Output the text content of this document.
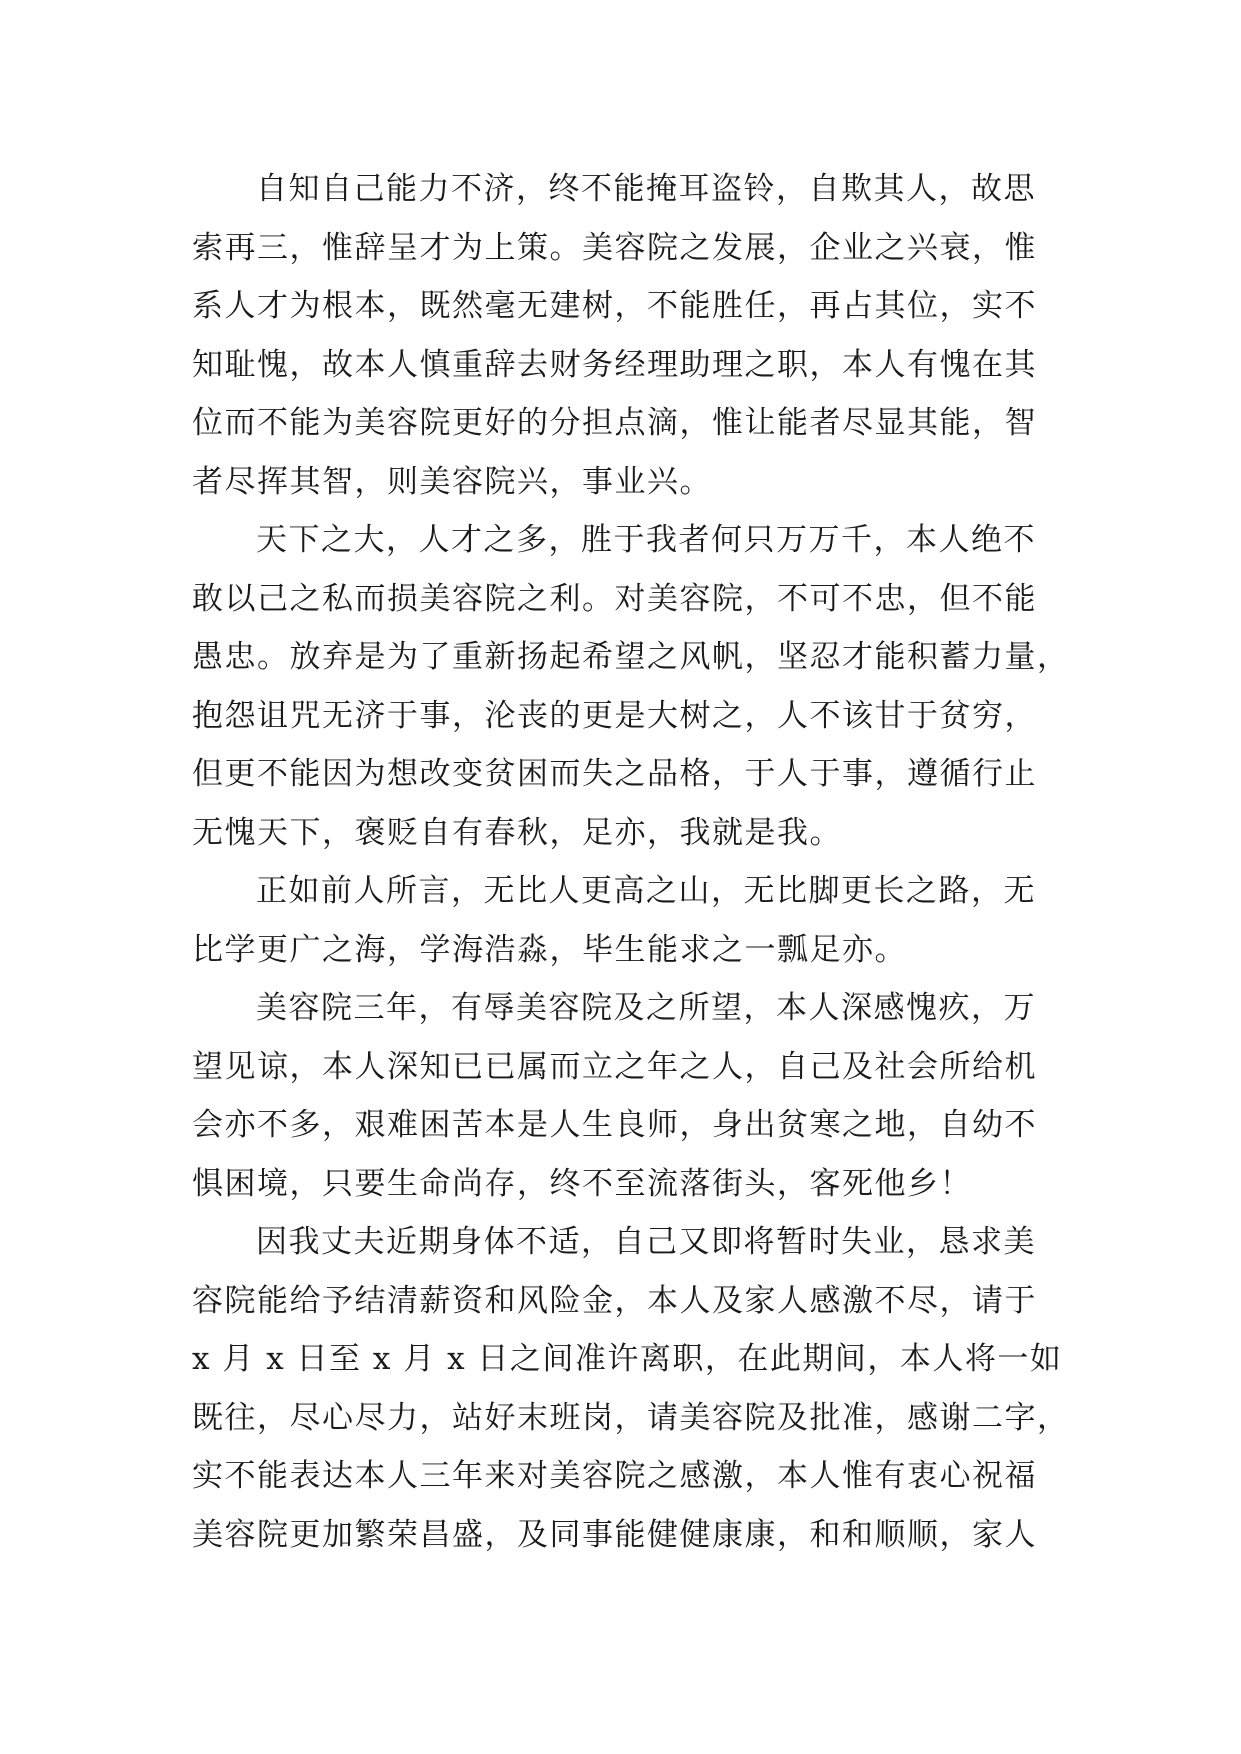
自知自己能力不济，终不能掩耳盗铃，自欺其人，故思
索再三，惟辞呈才为上策。美容院之发展，企业之兴衰，惟
系人才为根本，既然毫无建树，不能胜任，再占其位，实不
知耻愧，故本人慎重辞去财务经理助理之职，本人有愧在其
位而不能为美容院更好的分担点滴，惟让能者尽显其能，智
者尽挥其智，则美容院兴，事业兴。

天下之大，人才之多，胜于我者何只万万千，本人绝不
敢以己之私而损美容院之利。对美容院，不可不忠，但不能
愚忠。放弃是为了重新扬起希望之风帆，坚忍才能积蓄力量，
抱怨诅咒无济于事，沦丧的更是大树之，人不该甘于贫穷，
但更不能因为想改变贫困而失之品格，于人于事，遵循行止
无愧天下，褒贬自有春秋，足亦，我就是我。

正如前人所言，无比人更高之山，无比脚更长之路，无
比学更广之海，学海浩淼，毕生能求之一瓢足亦。

美容院三年，有辱美容院及之所望，本人深感愧疚，万
望见谅，本人深知已已属而立之年之人，自己及社会所给机
会亦不多，艰难困苦本是人生良师，身出贫寒之地，自幼不
惧困境，只要生命尚存，终不至流落街头，客死他乡！

因我丈夫近期身体不适，自己又即将暂时失业，恳求美
容院能给予结清薪资和风险金，本人及家人感激不尽，请于
x 月 x 日至 x 月 x 日之间准许离职，在此期间，本人将一如
既往，尽心尽力，站好末班岗，请美容院及批准，感谢二字，
实不能表达本人三年来对美容院之感激，本人惟有衷心祝福
美容院更加繁荣昌盛，及同事能健健康康，和和顺顺，家人
